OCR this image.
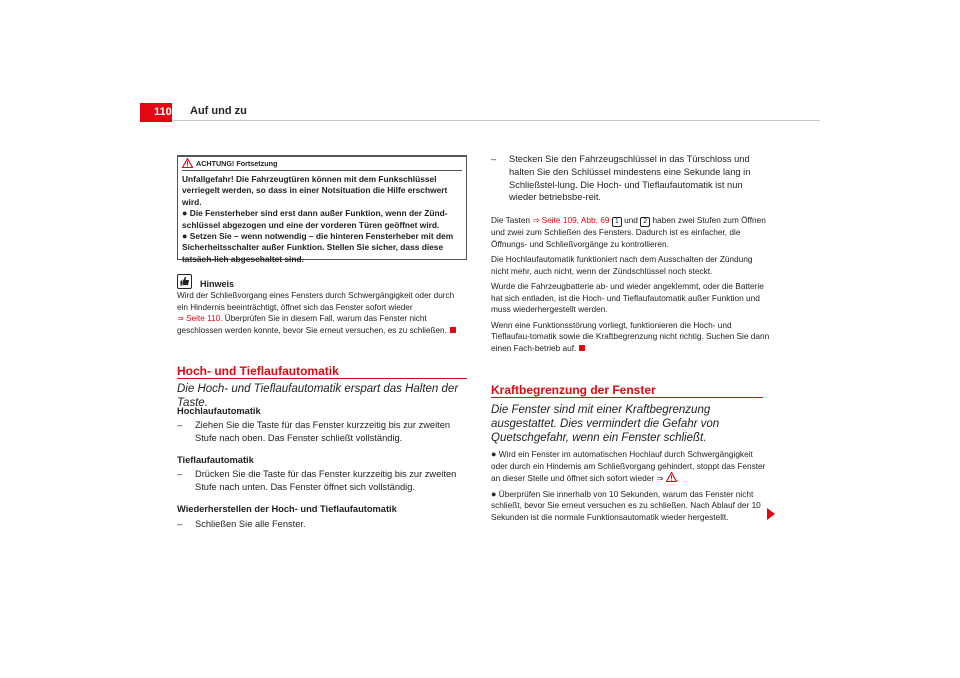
110 Auf und zu
ACHTUNG! Fortsetzung

Unfallgefahr! Die Fahrzeugtüren können mit dem Funkschlüssel verriegelt werden, so dass in einer Notsituation die Hilfe erschwert wird.

● Die Fensterheber sind erst dann außer Funktion, wenn der Zünd-schlüssel abgezogen und eine der vorderen Türen geöffnet wird.

● Setzen Sie – wenn notwendig – die hinteren Fensterheber mit dem Sicherheitsschalter außer Funktion. Stellen Sie sicher, dass diese tatsäch-lich abgeschaltet sind.

Hinweis

Wird der Schließvorgang eines Fensters durch Schwergängigkeit oder durch ein Hindernis beeinträchtigt, öffnet sich das Fenster sofort wieder
⇒ Seite 110. Überprüfen Sie in diesem Fall, warum das Fenster nicht geschlossen werden konnte, bevor Sie erneut versuchen, es zu schließen.

Hoch- und Tieflaufautomatik
Die Hoch- und Tieflaufautomatik erspart das Halten der Taste.
Hochlaufautomatik
–	Ziehen Sie die Taste für das Fenster kurzzeitig bis zur zweiten Stufe nach oben. Das Fenster schließt vollständig.
Tieflaufautomatik
–	Drücken Sie die Taste für das Fenster kurzzeitig bis zur zweiten Stufe nach unten. Das Fenster öffnet sich vollständig.
Wiederherstellen der Hoch- und Tieflaufautomatik
–	Schließen Sie alle Fenster.
–	Stecken Sie den Fahrzeugschlüssel in das Türschloss und halten Sie den Schlüssel mindestens eine Sekunde lang in Schließstel-lung. Die Hoch- und Tieflaufautomatik ist nun wieder betriebsbe-reit.

Die Tasten ⇒ Seite 109, Abb. 69 1 und 2 haben zwei Stufen zum Öffnen und zwei zum Schließen des Fensters. Dadurch ist es einfacher, die Öffnungs- und Schließvorgänge zu kontrollieren.

Die Hochlaufautomatik funktioniert nach dem Ausschalten der Zündung nicht mehr, auch nicht, wenn der Zündschlüssel noch steckt.

Wurde die Fahrzeugbatterie ab- und wieder angeklemmt, oder die Batterie hat sich entladen, ist die Hoch- und Tieflaufautomatik außer Funktion und muss wiederhergestellt werden.

Wenn eine Funktionsstörung vorliegt, funktionieren die Hoch- und Tieflaufau-tomatik sowie die Kraftbegrenzung nicht richtig. Suchen Sie dann einen Fach-betrieb auf.

Kraftbegrenzung der Fenster
Die Fenster sind mit einer Kraftbegrenzung ausgestattet. Dies vermindert die Gefahr von Quetschgefahr, wenn ein Fenster schließt.

● Wird ein Fenster im automatischen Hochlauf durch Schwergängigkeit oder durch ein Hindernis am Schließvorgang gehindert, stoppt das Fenster an dieser Stelle und öffnet sich sofort wieder ⇒ .

● Überprüfen Sie innerhalb von 10 Sekunden, warum das Fenster nicht schließt, bevor Sie erneut versuchen es zu schließen. Nach Ablauf der 10 Sekunden ist die normale Funktionsautomatik wieder hergestellt.
